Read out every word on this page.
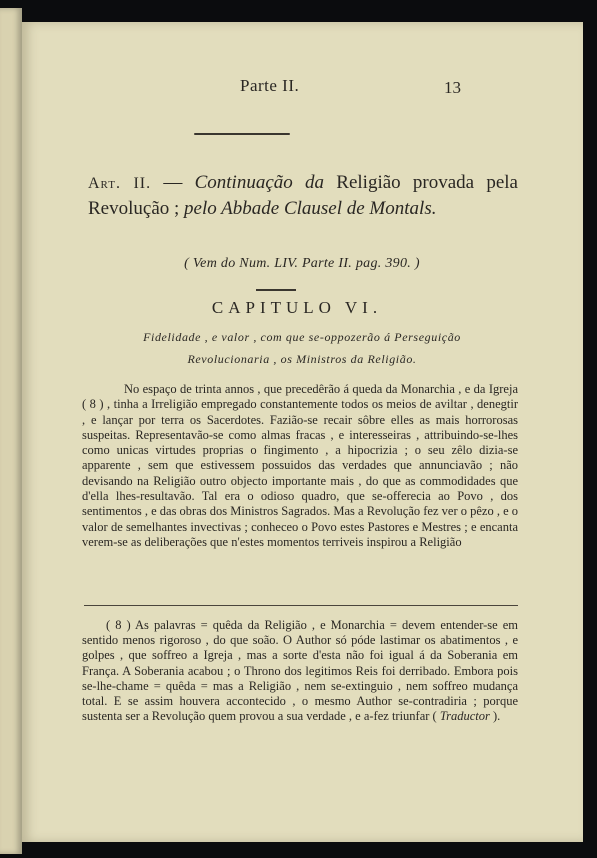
Parte II.	13
Art. II. — Continuação da Religião provada pela Revolução ; pelo Abbade Clausel de Montals.
( Vem do Num. LIV. Parte II. pag. 390. )
CAPITULO VI.
Fidelidade , e valor , com que se-oppozerão á Perseguição
Revolucionaria , os Ministros da Religião.
No espaço de trinta annos , que precedêrão á queda da Monarchia , e da Igreja ( 8 ) , tinha a Irreligião empregado constantemente todos os meios de aviltar , denegtir , e lançar por terra os Sacerdotes. Fazião-se recair sôbre elles as mais horrorosas suspeitas. Representavão-se como almas fracas , e interesseiras , attribuindo-se-lhes como unicas virtudes proprias o fingimento , a hipocrizia ; o seu zêlo dizia-se apparente , sem que estivessem possuidos das verdades que annunciavão ; não devisando na Religião outro objecto importante mais , do que as commodidades que d'ella lhes-resultavão. Tal era o odioso quadro, que se-offerecia ao Povo , dos sentimentos , e das obras dos Ministros Sagrados. Mas a Revolução fez ver o pêzo , e o valor de semelhantes invectivas ; conheceo o Povo estes Pastores e Mestres ; e encanta verem-se as deliberações que n'estes momentos terriveis inspirou a Religião
( 8 ) As palavras = quêda da Religião , e Monarchia = devem entender-se em sentido menos rigoroso , do que soão. O Author só póde lastimar os abatimentos , e golpes , que soffreo a Igreja , mas a sorte d'esta não foi igual á da Soberania em França. A Soberania acabou ; o Throno dos legitimos Reis foi derribado. Embora pois se-lhe-chame = quêda = mas a Religião , nem se-extinguio , nem soffreo mudança total. E se assim houvera accontecido , o mesmo Author se-contradiria ; porque sustenta ser a Revolução quem provou a sua verdade , e a-fez triunfar ( Traductor ).
